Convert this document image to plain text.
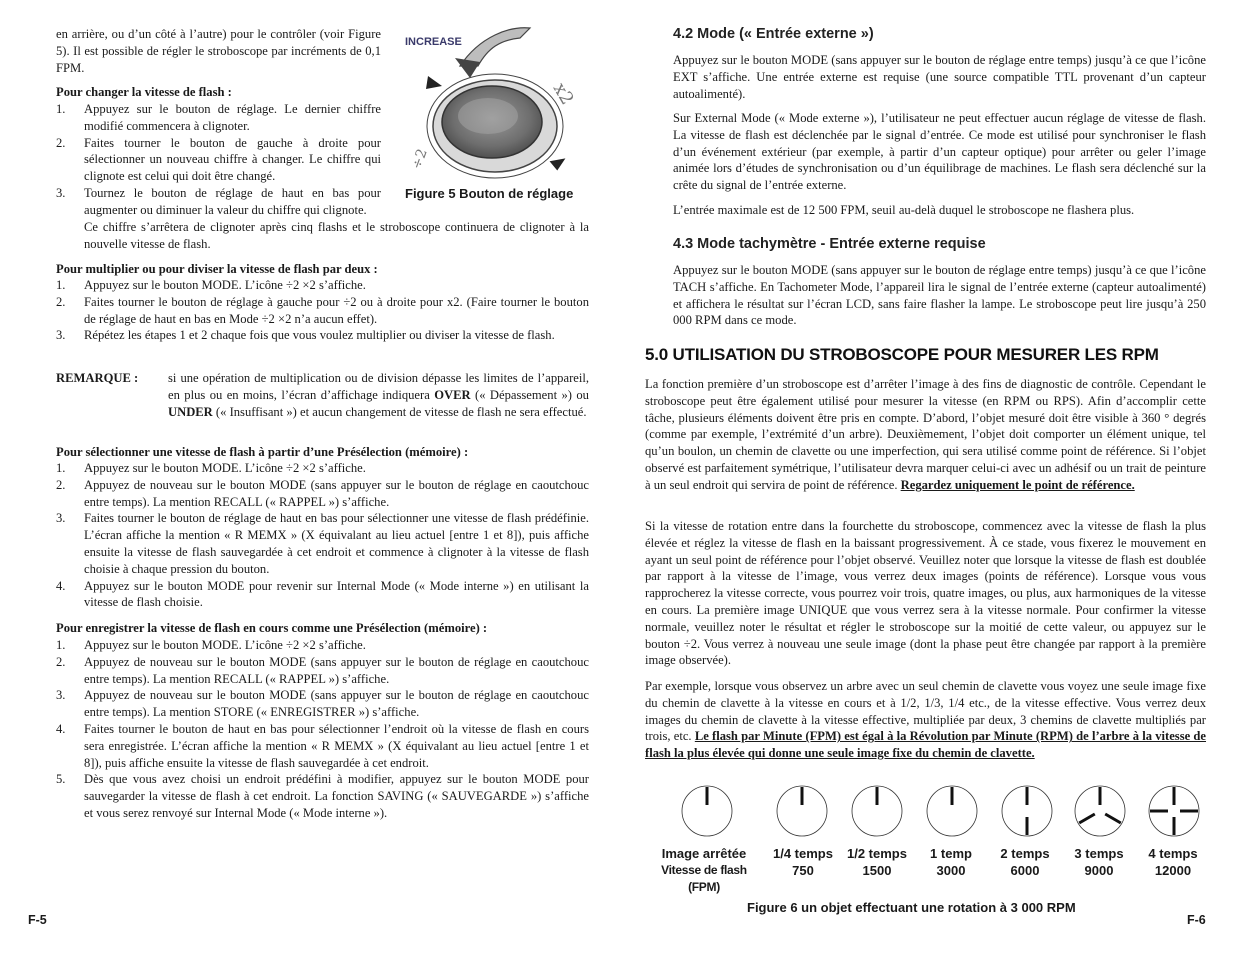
en arrière, ou d’un côté à l’autre) pour le contrôler (voir Figure 5). Il est possible de régler le stroboscope par incréments de 0,1 FPM.

INCREASE
x2
÷2
Figure 5 Bouton de réglage
Pour changer la vitesse de flash :
1. Appuyez sur le bouton de réglage. Le dernier chiffre modifié commencera à clignoter.
2. Faites tourner le bouton de gauche à droite pour sélectionner un nouveau chiffre à changer. Le chiffre qui clignote est celui qui doit être changé.
3. Tournez le bouton de réglage de haut en bas pour augmenter ou diminuer la valeur du chiffre qui clignote.

Ce chiffre s’arrêtera de clignoter après cinq flashs et le stroboscope continuera de clignoter à la nouvelle vitesse de flash.

Pour multiplier ou pour diviser la vitesse de flash par deux :
1. Appuyez sur le bouton MODE. L’icône ÷2 ×2 s’affiche.
2. Faites tourner le bouton de réglage à gauche pour ÷2 ou à droite pour x2. (Faire tourner le bouton de réglage de haut en bas en Mode ÷2 ×2 n’a aucun effet).
3. Répétez les étapes 1 et 2 chaque fois que vous voulez multiplier ou diviser la vitesse de flash.
REMARQUE : si une opération de multiplication ou de division dépasse les limites de l’appareil, en plus ou en moins, l’écran d’affichage indiquera OVER (« Dépassement ») ou UNDER (« Insuffisant ») et aucun changement de vitesse de flash ne sera effectué.

Pour sélectionner une vitesse de flash à partir d’une Présélection (mémoire) :
1. Appuyez sur le bouton MODE. L’icône ÷2 ×2 s’affiche.
2. Appuyez de nouveau sur le bouton MODE (sans appuyer sur le bouton de réglage en caoutchouc entre temps). La mention RECALL (« RAPPEL ») s’affiche.
3. Faites tourner le bouton de réglage de haut en bas pour sélectionner une vitesse de flash prédéfinie. L’écran affiche la mention « R MEMX » (X équivalant au lieu actuel [entre 1 et 8]), puis affiche ensuite la vitesse de flash sauvegardée à cet endroit et commence à clignoter à la vitesse de flash choisie à chaque pression du bouton.
4. Appuyez sur le bouton MODE pour revenir sur Internal Mode (« Mode interne ») en utilisant la vitesse de flash choisie.
Pour enregistrer la vitesse de flash en cours comme une Présélection (mémoire) :
1. Appuyez sur le bouton MODE. L’icône ÷2 ×2 s’affiche.
2. Appuyez de nouveau sur le bouton MODE (sans appuyer sur le bouton de réglage en caoutchouc entre temps). La mention RECALL (« RAPPEL ») s’affiche.
3. Appuyez de nouveau sur le bouton MODE (sans appuyer sur le bouton de réglage en caoutchouc entre temps). La mention STORE (« ENREGISTRER ») s’affiche.
4. Faites tourner le bouton de haut en bas pour sélectionner l’endroit où la vitesse de flash en cours sera enregistrée. L’écran affiche la mention « R MEMX » (X équivalant au lieu actuel [entre 1 et 8]), puis affiche ensuite la vitesse de flash sauvegardée à cet endroit.
5. Dès que vous avez choisi un endroit prédéfini à modifier, appuyez sur le bouton MODE pour sauvegarder la vitesse de flash à cet endroit. La fonction SAVING (« SAUVEGARDE ») s’affiche et vous serez renvoyé sur Internal Mode (« Mode interne »).
F-5
4.2 Mode (« Entrée externe »)

Appuyez sur le bouton MODE (sans appuyer sur le bouton de réglage entre temps) jusqu’à ce que l’icône EXT s’affiche. Une entrée externe est requise (une source compatible TTL provenant d’un capteur autoalimenté).

Sur External Mode (« Mode externe »), l’utilisateur ne peut effectuer aucun réglage de vitesse de flash. La vitesse de flash est déclenchée par le signal d’entrée. Ce mode est utilisé pour synchroniser le flash d’un événement extérieur (par exemple, à partir d’un capteur optique) pour arrêter ou geler l’image animée lors d’études de synchronisation ou d’un équilibrage de machines. Le flash sera déclenché sur la crête du signal de l’entrée externe.

L’entrée maximale est de 12 500 FPM, seuil au-delà duquel le stroboscope ne flashera plus.

4.3 Mode tachymètre - Entrée externe requise

Appuyez sur le bouton MODE (sans appuyer sur le bouton de réglage entre temps) jusqu’à ce que l’icône TACH s’affiche. En Tachometer Mode, l’appareil lira le signal de l’entrée externe (capteur autoalimenté) et affichera le résultat sur l’écran LCD, sans faire flasher la lampe. Le stroboscope peut lire jusqu’à 250 000 RPM dans ce mode.

5.0 UTILISATION DU STROBOSCOPE POUR MESURER LES RPM

La fonction première d’un stroboscope est d’arrêter l’image à des fins de diagnostic de contrôle. Cependant le stroboscope peut être également utilisé pour mesurer la vitesse (en RPM ou RPS). Afin d’accomplir cette tâche, plusieurs éléments doivent être pris en compte. D’abord, l’objet mesuré doit être visible à 360 ° degrés (comme par exemple, l’extrémité d’un arbre). Deuxièmement, l’objet doit comporter un élément unique, tel qu’un boulon, un chemin de clavette ou une imperfection, qui sera utilisé comme point de référence. Si l’objet observé est parfaitement symétrique, l’utilisateur devra marquer celui-ci avec un adhésif ou un trait de peinture à un seul endroit qui servira de point de référence. Regardez uniquement le point de référence.

Si la vitesse de rotation entre dans la fourchette du stroboscope, commencez avec la vitesse de flash la plus élevée et réglez la vitesse de flash en la baissant progressivement. À ce stade, vous fixerez le mouvement en ayant un seul point de référence pour l’objet observé. Veuillez noter que lorsque la vitesse de flash est doublée par rapport à la vitesse de l’image, vous verrez deux images (points de référence). Lorsque vous vous rapprocherez la vitesse correcte, vous pourrez voir trois, quatre images, ou plus, aux harmoniques de la vitesse en cours. La première image UNIQUE que vous verrez sera à la vitesse normale. Pour confirmer la vitesse normale, veuillez noter le résultat et régler le stroboscope sur la moitié de cette valeur, ou appuyez sur le bouton ÷2. Vous verrez à nouveau une seule image (dont la phase peut être changée par rapport à la première image observée).

Par exemple, lorsque vous observez un arbre avec un seul chemin de clavette vous voyez une seule image fixe du chemin de clavette à la vitesse en cours et à 1/2, 1/3, 1/4 etc., de la vitesse effective. Vous verrez deux images du chemin de clavette à la vitesse effective, multipliée par deux, 3 chemins de clavette multipliés par trois, etc. Le flash par Minute (FPM) est égal à la Révolution par Minute (RPM) de l’arbre à la vitesse de flash la plus élevée qui donne une seule image fixe du chemin de clavette.

Image arrêtée
Vitesse de flash (FPM)
1/4 temps
750
1/2 temps
1500
1 temp
3000
2 temps
6000
3 temps
9000
4 temps
12000
Figure 6 un objet effectuant une rotation à 3 000 RPM
F-6
